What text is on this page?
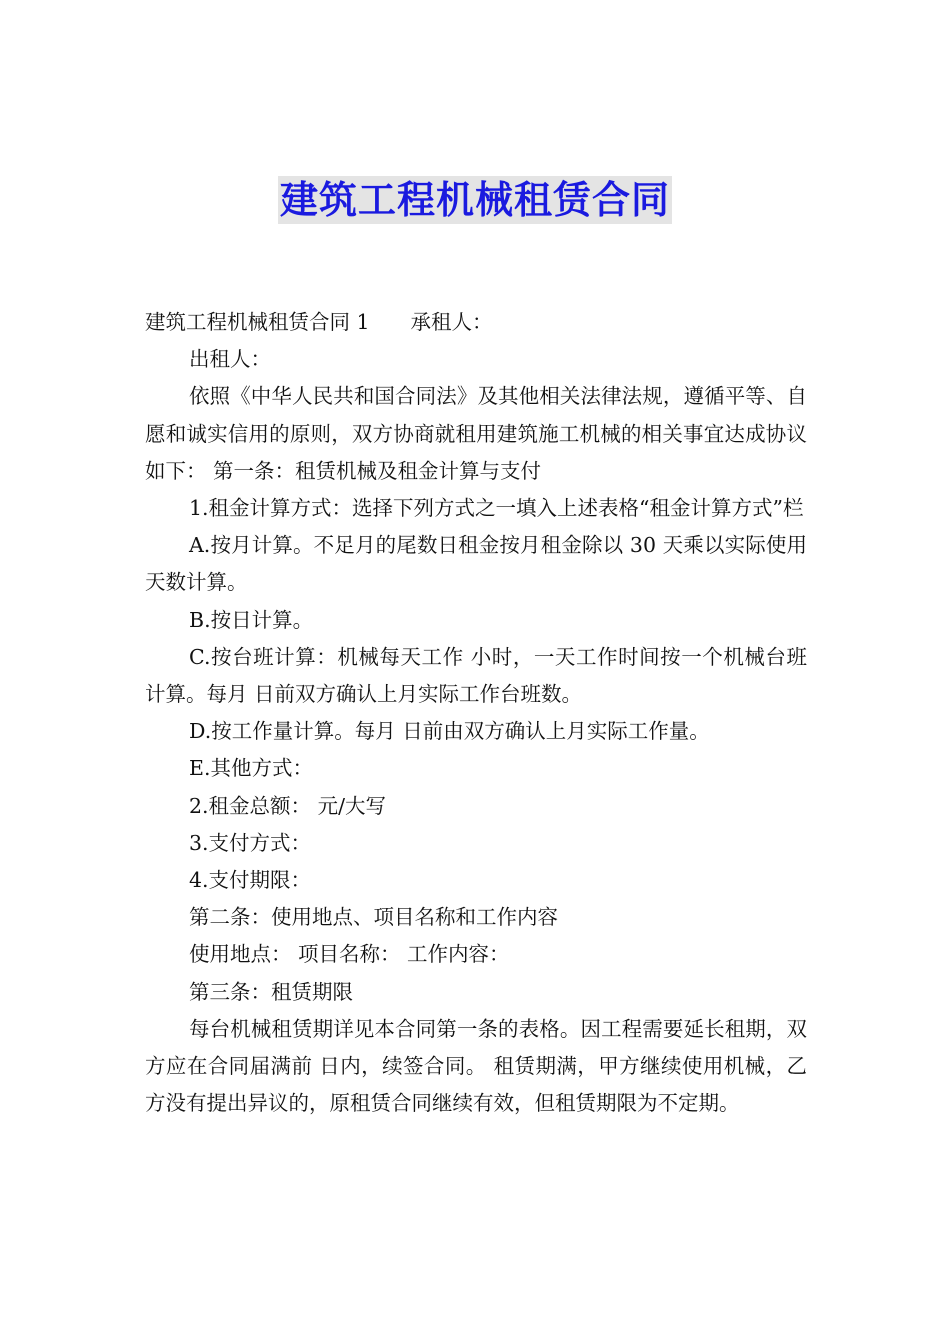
建筑工程机械租赁合同

建筑工程机械租赁合同 1　　承租人：

出租人：

依照《中华人民共和国合同法》及其他相关法律法规，遵循平等、自愿和诚实信用的原则，双方协商就租用建筑施工机械的相关事宜达成协议如下： 第一条：租赁机械及租金计算与支付

1.租金计算方式：选择下列方式之一填入上述表格“租金计算方式”栏

A.按月计算。不足月的尾数日租金按月租金除以 30 天乘以实际使用天数计算。

B.按日计算。

C.按台班计算：机械每天工作 小时，一天工作时间按一个机械台班计算。每月 日前双方确认上月实际工作台班数。

D.按工作量计算。每月 日前由双方确认上月实际工作量。

E.其他方式：

2.租金总额： 元/大写

3.支付方式：

4.支付期限：

第二条：使用地点、项目名称和工作内容

使用地点： 项目名称： 工作内容：

第三条：租赁期限

每台机械租赁期详见本合同第一条的表格。因工程需要延长租期，双方应在合同届满前 日内，续签合同。 租赁期满，甲方继续使用机械，乙方没有提出异议的，原租赁合同继续有效，但租赁期限为不定期。
